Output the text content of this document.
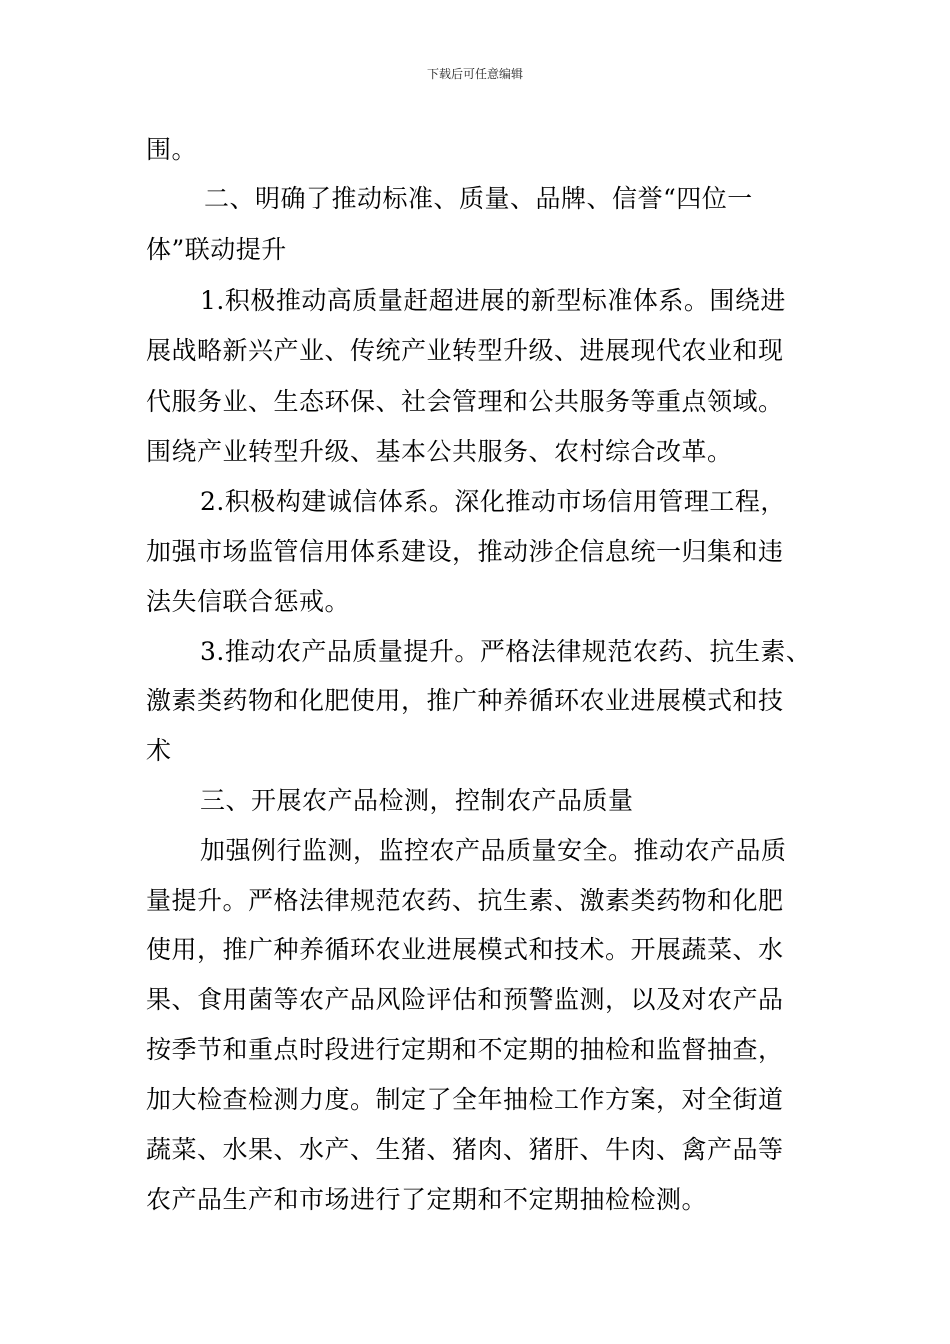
下载后可任意编辑
围。
二、明确了推动标准、质量、品牌、信誉“四位一
体”联动提升
1.积极推动高质量赶超进展的新型标准体系。围绕进
展战略新兴产业、传统产业转型升级、进展现代农业和现
代服务业、生态环保、社会管理和公共服务等重点领域。
围绕产业转型升级、基本公共服务、农村综合改革。
2.积极构建诚信体系。深化推动市场信用管理工程，
加强市场监管信用体系建设，推动涉企信息统一归集和违
法失信联合惩戒。
3.推动农产品质量提升。严格法律规范农药、抗生素、
激素类药物和化肥使用，推广种养循环农业进展模式和技
术
三、开展农产品检测，控制农产品质量
加强例行监测，监控农产品质量安全。推动农产品质
量提升。严格法律规范农药、抗生素、激素类药物和化肥
使用，推广种养循环农业进展模式和技术。开展蔬菜、水
果、食用菌等农产品风险评估和预警监测，以及对农产品
按季节和重点时段进行定期和不定期的抽检和监督抽查，
加大检查检测力度。制定了全年抽检工作方案，对全街道
蔬菜、水果、水产、生猪、猪肉、猪肝、牛肉、禽产品等
农产品生产和市场进行了定期和不定期抽检检测。
